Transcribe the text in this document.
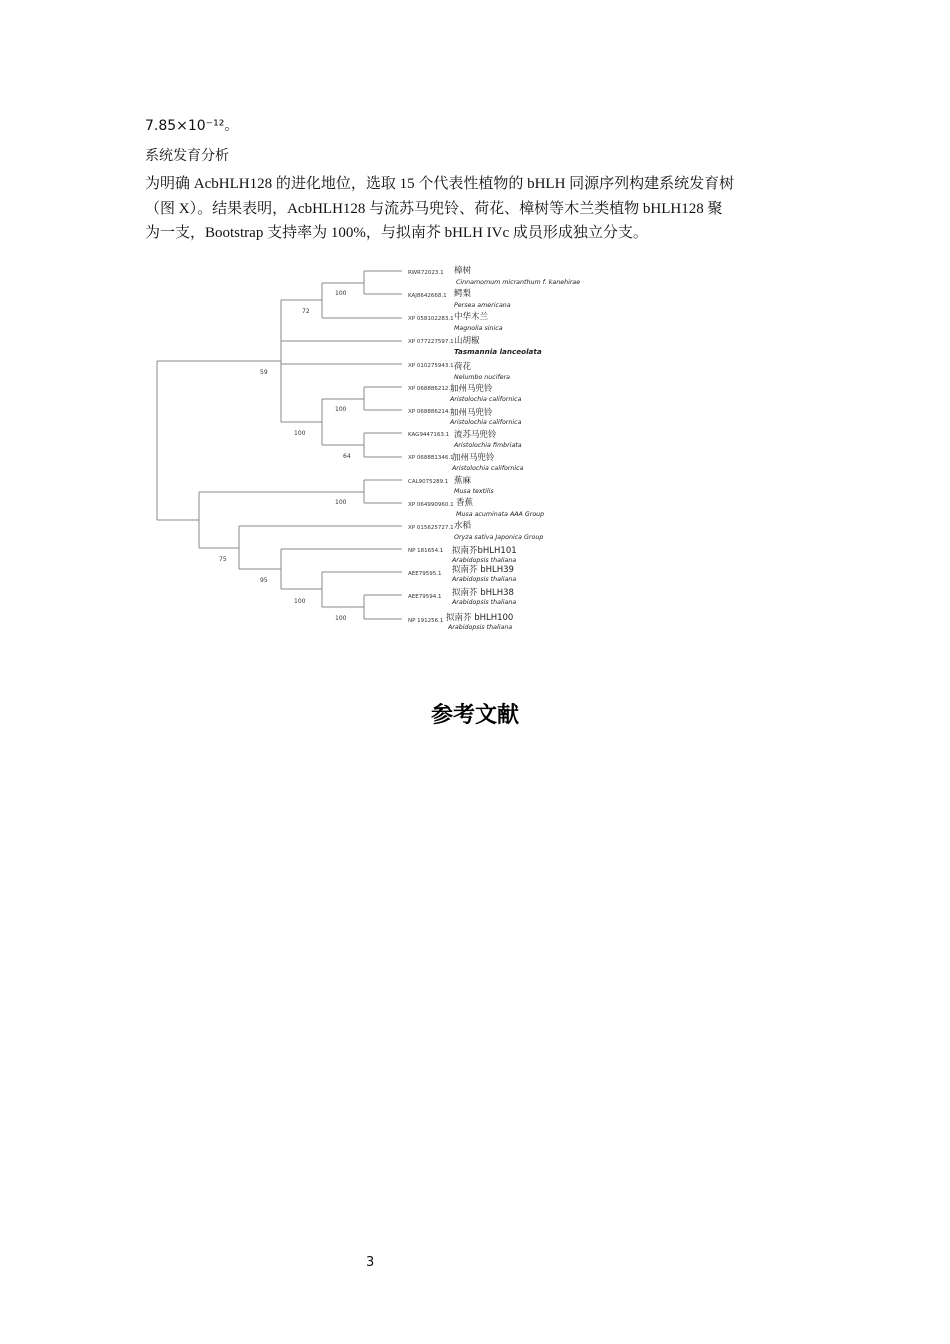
7.85×10⁻¹²。
系统发育分析
为明确 AcbHLH128 的进化地位，选取 15 个代表性植物的 bHLH 同源序列构建系统发育树
（图 X）。结果表明，AcbHLH128 与流苏马兜铃、荷花、樟树等木兰类植物 bHLH128 聚
为一支，Bootstrap 支持率为 100%，与拟南芥 bHLH IVc 成员形成独立分支。
RWR72023.1
KAJ8642668.1
XP 058102283.1
XP 077227597.1
XP 010275943.1
XP 068886212.1
XP 068886214.1
KAG9447163.1
XP 068881346.1
CAL9075289.1
XP 064990960.1
XP 015625727.1
NP 181654.1
AEE79595.1
AEE79594.1
NP 191256.1
樟树
鳄梨
中华木兰
山胡椒
荷花
加州马兜铃
加州马兜铃
流苏马兜铃
加州马兜铃
蕉麻
香蕉
水稻
拟南芥bHLH101
拟南芥 bHLH39
拟南芥 bHLH38
拟南芥 bHLH100
Cinnamomum micranthum f. kanehirae
Persea americana
Magnolia sinica
Tasmannia lanceolata
Nelumbo nucifera
Aristolochia californica
Aristolochia californica
Aristolochia fimbriata
Aristolochia californica
Musa textilis
Musa acuminata AAA Group
Oryza sativa Japonica Group
Arabidopsis thaliana
Arabidopsis thaliana
Arabidopsis thaliana
Arabidopsis thaliana
100
72
59
100
100
64
100
75
95
100
100
参考文献
3
